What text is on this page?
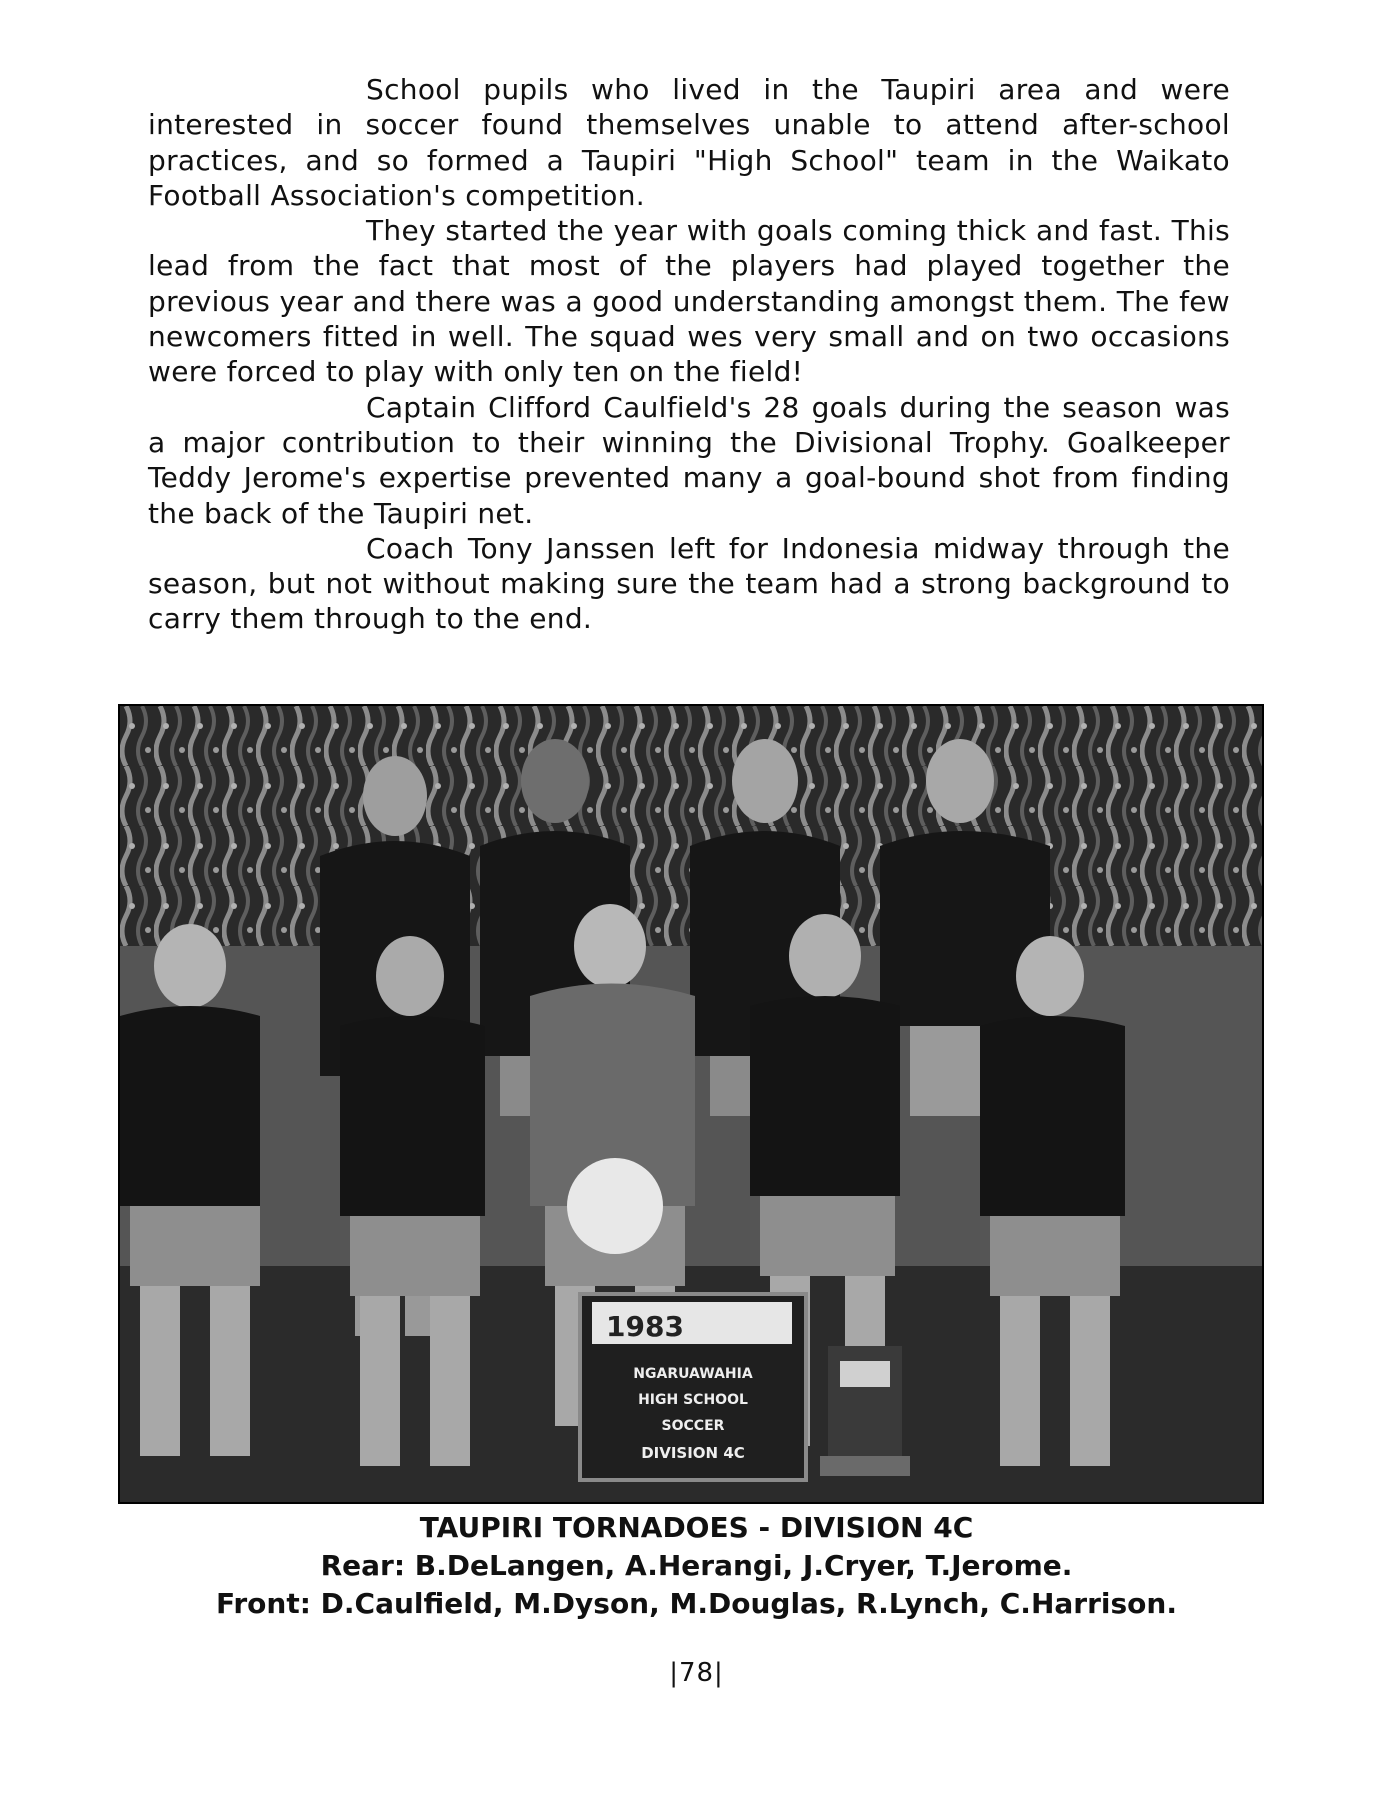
School pupils who lived in the Taupiri area and were interested in soccer found themselves unable to attend after-school practices, and so formed a Taupiri "High School" team in the Waikato Football Association's competition.

They started the year with goals coming thick and fast. This lead from the fact that most of the players had played together the previous year and there was a good understanding amongst them. The few newcomers fitted in well. The squad wes very small and on two occasions were forced to play with only ten on the field!

Captain Clifford Caulfield's 28 goals during the season was a major contribution to their winning the Divisional Trophy. Goalkeeper Teddy Jerome's expertise prevented many a goal-bound shot from finding the back of the Taupiri net.

Coach Tony Janssen left for Indonesia midway through the season, but not without making sure the team had a strong background to carry them through to the end.

1983
NGARUAWAHIA
HIGH SCHOOL
SOCCER
DIVISION 4C
TAUPIRI TORNADOES - DIVISION 4C
Rear: B.DeLangen, A.Herangi, J.Cryer, T.Jerome.
Front: D.Caulfield, M.Dyson, M.Douglas, R.Lynch, C.Harrison.
|78|
